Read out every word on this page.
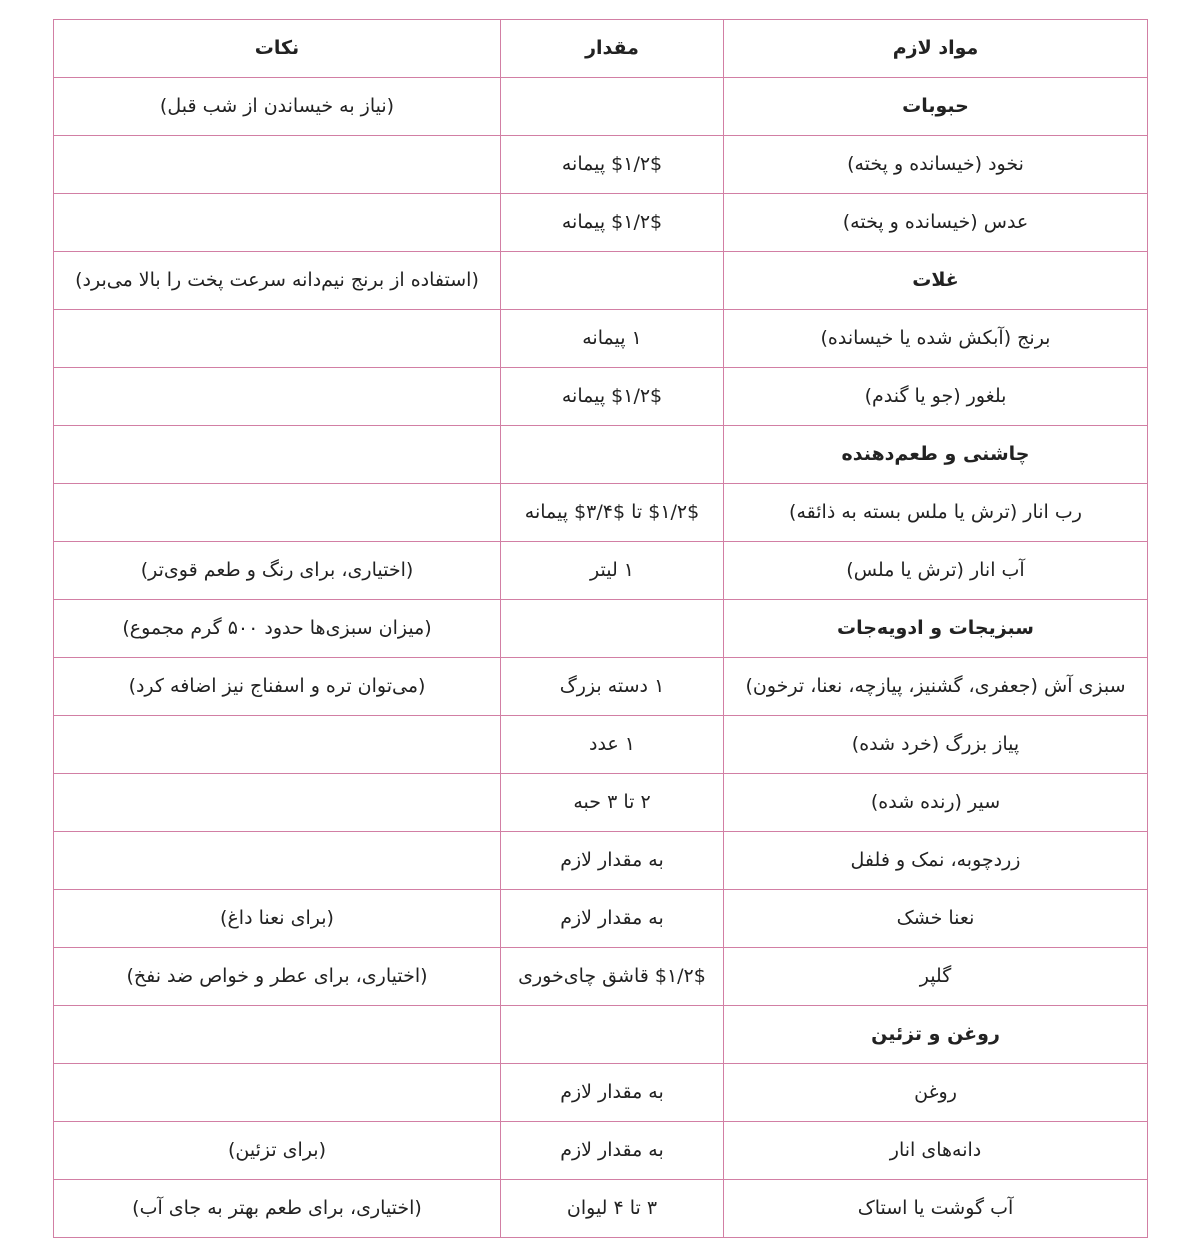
مواد لازم	مقدار	نکات
حبوبات		(نیاز به خیساندن از شب قبل)
نخود (خیسانده و پخته)	$۱/۲$ پیمانه	
عدس (خیسانده و پخته)	$۱/۲$ پیمانه	
غلات		(استفاده از برنج نیم‌دانه سرعت پخت را بالا می‌برد)
برنج (آبکش شده یا خیسانده)	۱ پیمانه	
بلغور (جو یا گندم)	$۱/۲$ پیمانه	
چاشنی و طعم‌دهنده		
رب انار (ترش یا ملس بسته به ذائقه)	$۱/۲$ تا $۳/۴$ پیمانه	
آب انار (ترش یا ملس)	۱ لیتر	(اختیاری، برای رنگ و طعم قوی‌تر)
سبزیجات و ادویه‌جات		(میزان سبزی‌ها حدود ۵۰۰ گرم مجموع)
سبزی آش (جعفری، گشنیز، پیازچه، نعنا، ترخون)	۱ دسته بزرگ	(می‌توان تره و اسفناج نیز اضافه کرد)
پیاز بزرگ (خرد شده)	۱ عدد	
سیر (رنده شده)	۲ تا ۳ حبه	
زردچوبه، نمک و فلفل	به مقدار لازم	
نعنا خشک	به مقدار لازم	(برای نعنا داغ)
گلپر	$۱/۲$ قاشق چای‌خوری	(اختیاری، برای عطر و خواص ضد نفخ)
روغن و تزئین		
روغن	به مقدار لازم	
دانه‌های انار	به مقدار لازم	(برای تزئین)
آب گوشت یا استاک	۳ تا ۴ لیوان	(اختیاری، برای طعم بهتر به جای آب)
